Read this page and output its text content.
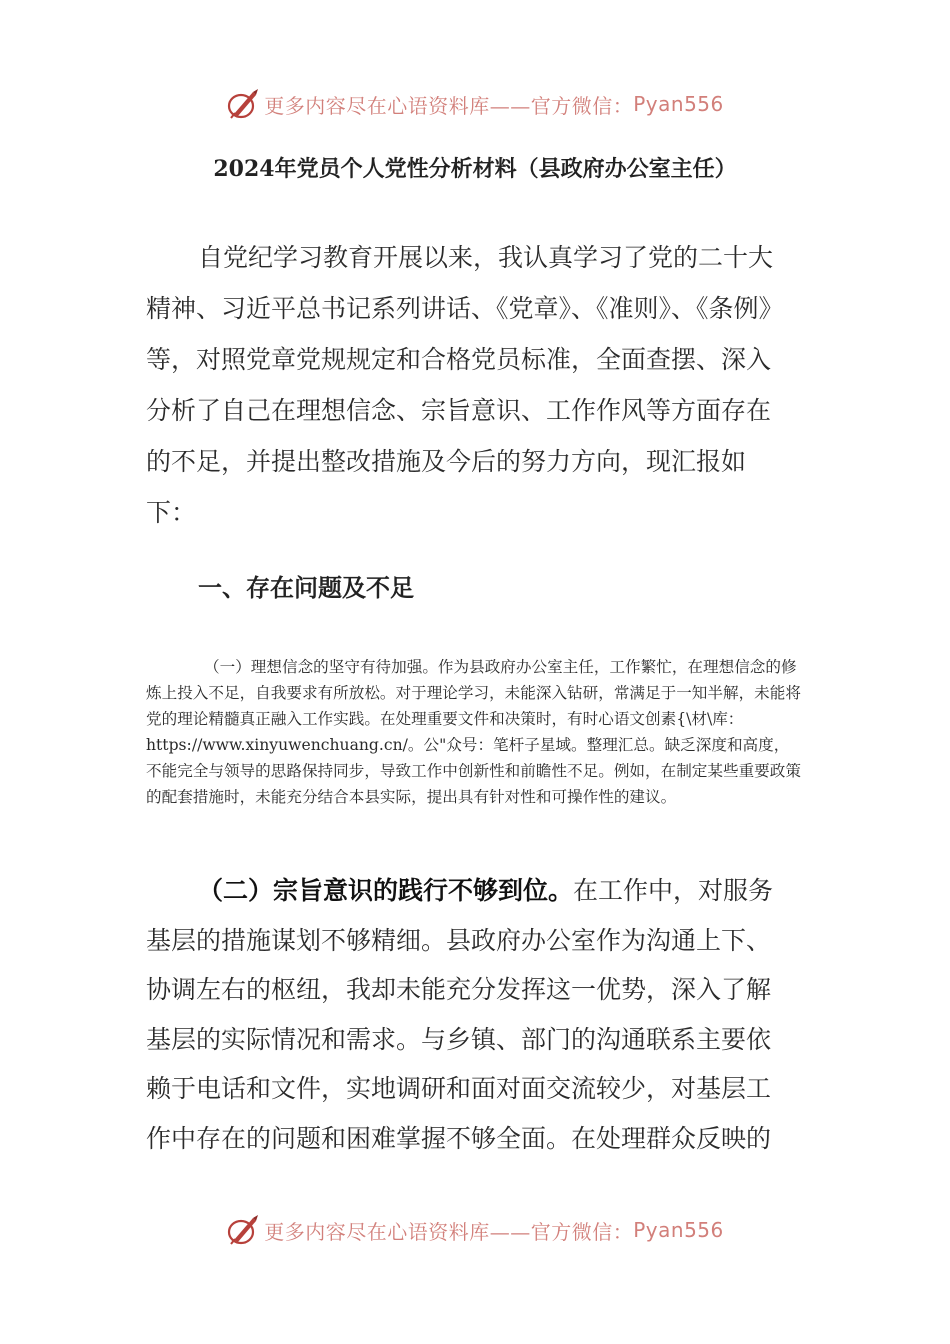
更多内容尽在心语资料库——官方微信： Pyan556
2024年党员个人党性分析材料（县政府办公室主任）

自党纪学习教育开展以来，我认真学习了党的二十大精神、习近平总书记系列讲话、《党章》、《准则》、《条例》等，对照党章党规规定和合格党员标准，全面查摆、深入分析了自己在理想信念、宗旨意识、工作作风等方面存在的不足，并提出整改措施及今后的努力方向，现汇报如下：

一、存在问题及不足

（一）理想信念的坚守有待加强。作为县政府办公室主任，工作繁忙，在理想信念的修炼上投入不足，自我要求有所放松。对于理论学习，未能深入钻研，常满足于一知半解，未能将党的理论精髓真正融入工作实践。在处理重要文件和决策时，有时心语文创素{\材\库：https://www.xinyuwenchuang.cn/。公"众号：笔杆子星域。整理汇总。缺乏深度和高度，不能完全与领导的思路保持同步，导致工作中创新性和前瞻性不足。例如，在制定某些重要政策的配套措施时，未能充分结合本县实际，提出具有针对性和可操作性的建议。

（二）宗旨意识的践行不够到位。在工作中，对服务基层的措施谋划不够精细。县政府办公室作为沟通上下、协调左右的枢纽，我却未能充分发挥这一优势，深入了解基层的实际情况和需求。与乡镇、部门的沟通联系主要依赖于电话和文件，实地调研和面对面交流较少，对基层工作中存在的问题和困难掌握不够全面。在处理群众反映的

更多内容尽在心语资料库——官方微信： Pyan556
